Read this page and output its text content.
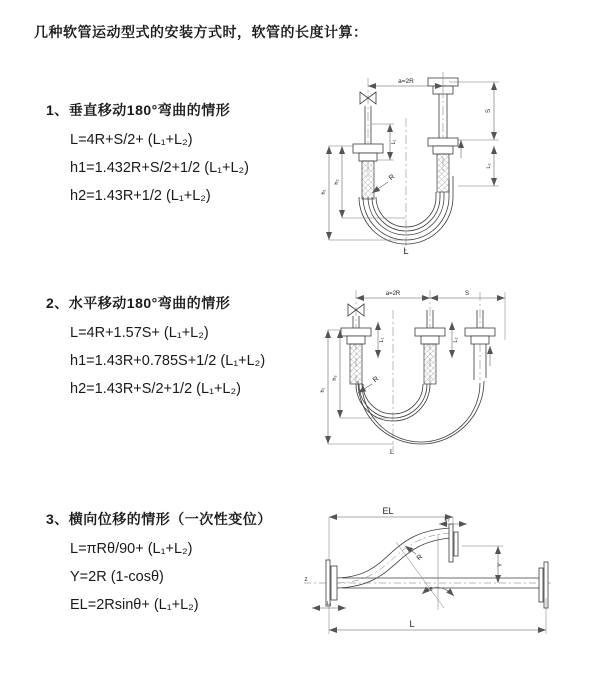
几种软管运动型式的安装方式时，软管的长度计算：
1、垂直移动180°弯曲的情形
L=4R+S/2+ (L₁+L₂)
h1=1.432R+S/2+1/2 (L₁+L₂)
h2=1.43R+1/2 (L₁+L₂)
2、水平移动180°弯曲的情形
L=4R+1.57S+ (L₁+L₂)
h1=1.43R+0.785S+1/2 (L₁+L₂)
h2=1.43R+S/2+1/2 (L₁+L₂)
3、横向位移的情形（一次性变位）
L=πRθ/90+ (L₁+L₂)
Y=2R (1-cosθ)
EL=2Rsinθ+ (L₁+L₂)
a=2R
S
L₂
h₁
h₂
L₁
R
L
a=2R	S
L₁	L₂
h₁
h₂	R
L
θ
EL
L₂
Y
R
L
L₁
z
